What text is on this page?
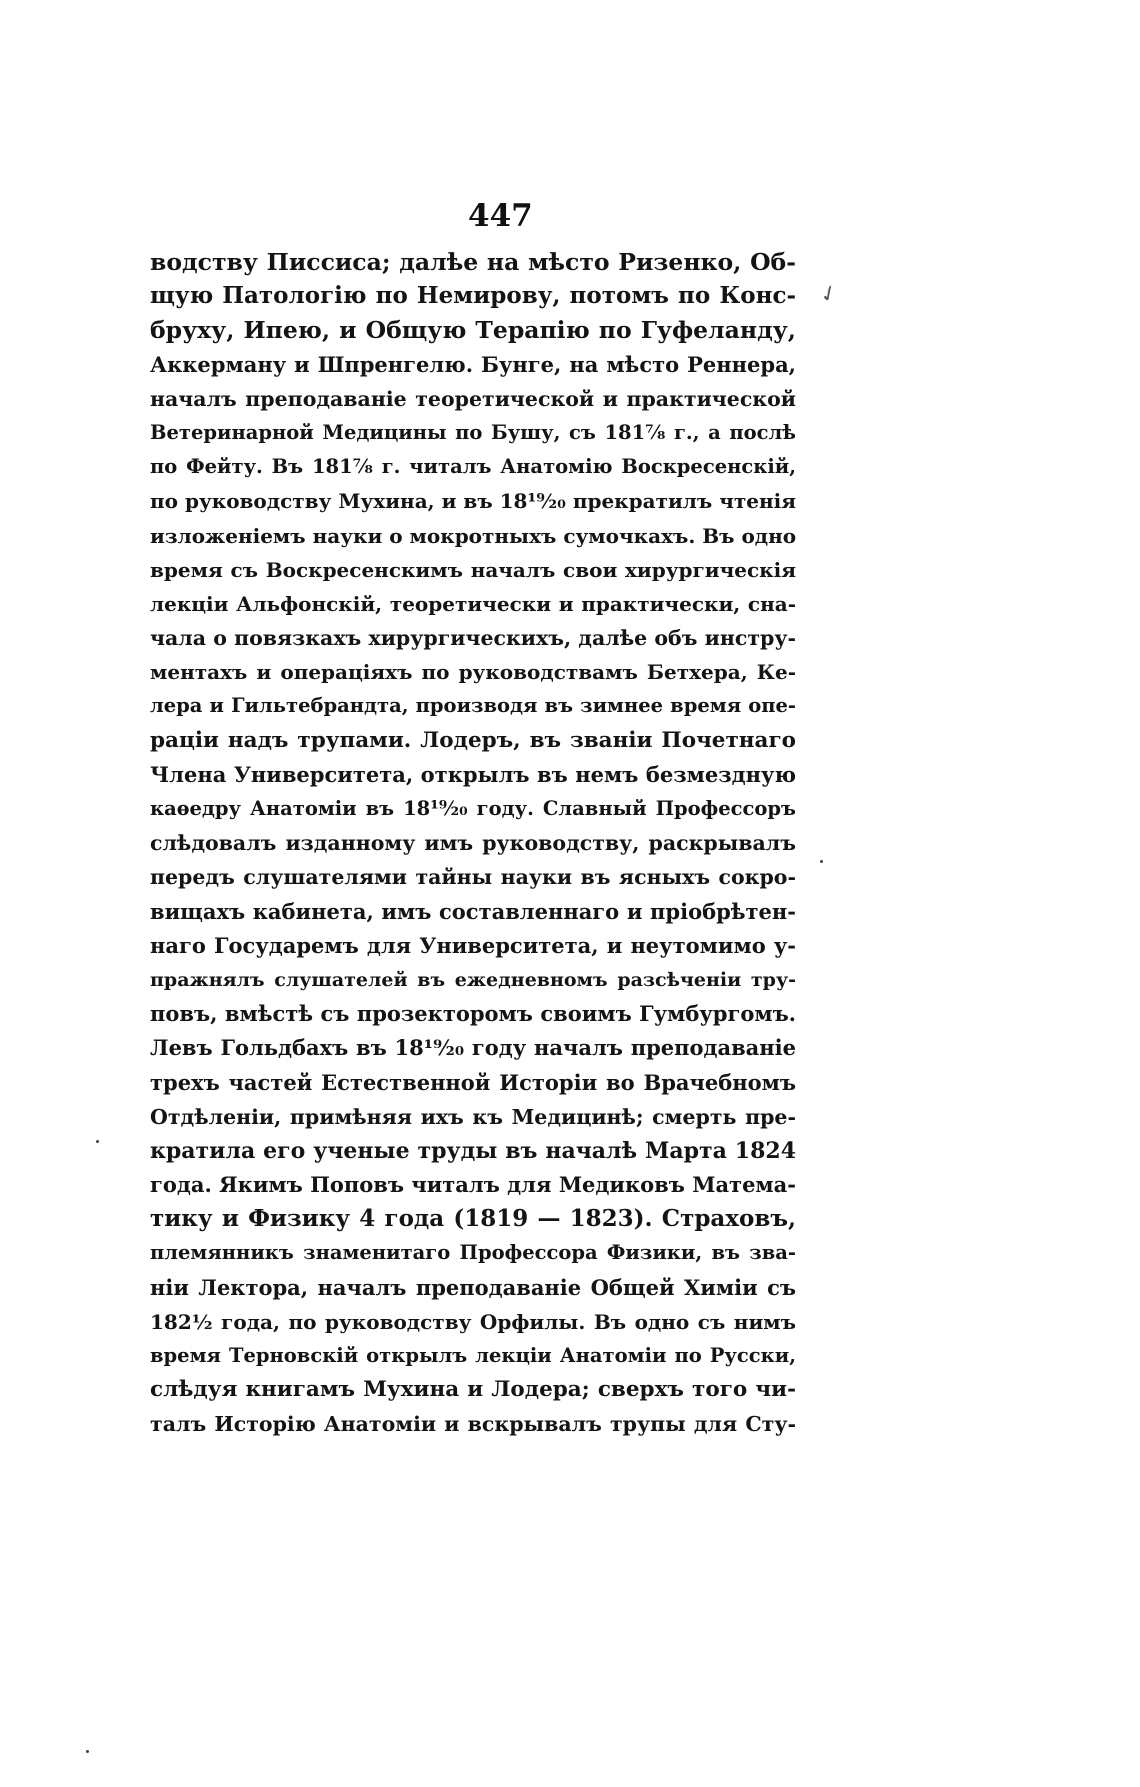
447
✓
водству Писсиса; далѣе на мѣсто Ризенко, Об-
щую Патологію по Немирову, потомъ по Конс-
бруху, Ипею, и Общую Терапію по Гуфеланду,
Аккерману и Шпренгелю. Бунге, на мѣсто Реннера,
началъ преподаваніе теоретической и практической
Ветеринарной Медицины по Бушу, съ 181⅞ г., а послѣ
по Фейту. Въ 181⅞ г. читалъ Анатомію Воскресенскій,
по руководству Мухина, и въ 18¹⁹⁄₂₀ прекратилъ чтенія
изложеніемъ науки о мокротныхъ сумочкахъ. Въ одно
время съ Воскресенскимъ началъ свои хирургическія
лекціи Альфонскій, теоретически и практически, сна-
чала о повязкахъ хирургическихъ, далѣе объ инстру-
ментахъ и операціяхъ по руководствамъ Бетхера, Ке-
лера и Гильтебрандта, производя въ зимнее время опе-
раціи надъ трупами. Лодеръ, въ званіи Почетнаго
Члена Университета, открылъ въ немъ безмездную
каѳедру Анатоміи въ 18¹⁹⁄₂₀ году. Славный Профессоръ
слѣдовалъ изданному имъ руководству, раскрывалъ
передъ слушателями тайны науки въ ясныхъ сокро-
вищахъ кабинета, имъ составленнаго и пріобрѣтен-
наго Государемъ для Университета, и неутомимо у-
пражнялъ слушателей въ ежедневномъ разсѣченіи тру-
повъ, вмѣстѣ съ прозекторомъ своимъ Гумбургомъ.
Левъ Гольдбахъ въ 18¹⁹⁄₂₀ году началъ преподаваніе
трехъ частей Естественной Исторіи во Врачебномъ
Отдѣленіи, примѣняя ихъ къ Медицинѣ; смерть пре-
кратила его ученые труды въ началѣ Марта 1824
года. Якимъ Поповъ читалъ для Медиковъ Матема-
тику и Физику 4 года (1819 — 1823). Страховъ,
племянникъ знаменитаго Профессора Физики, въ зва-
ніи Лектора, началъ преподаваніе Общей Химіи съ
182½ года, по руководству Орфилы. Въ одно съ нимъ
время Терновскій открылъ лекціи Анатоміи по Русски,
слѣдуя книгамъ Мухина и Лодера; сверхъ того чи-
талъ Исторію Анатоміи и вскрывалъ трупы для Сту-
